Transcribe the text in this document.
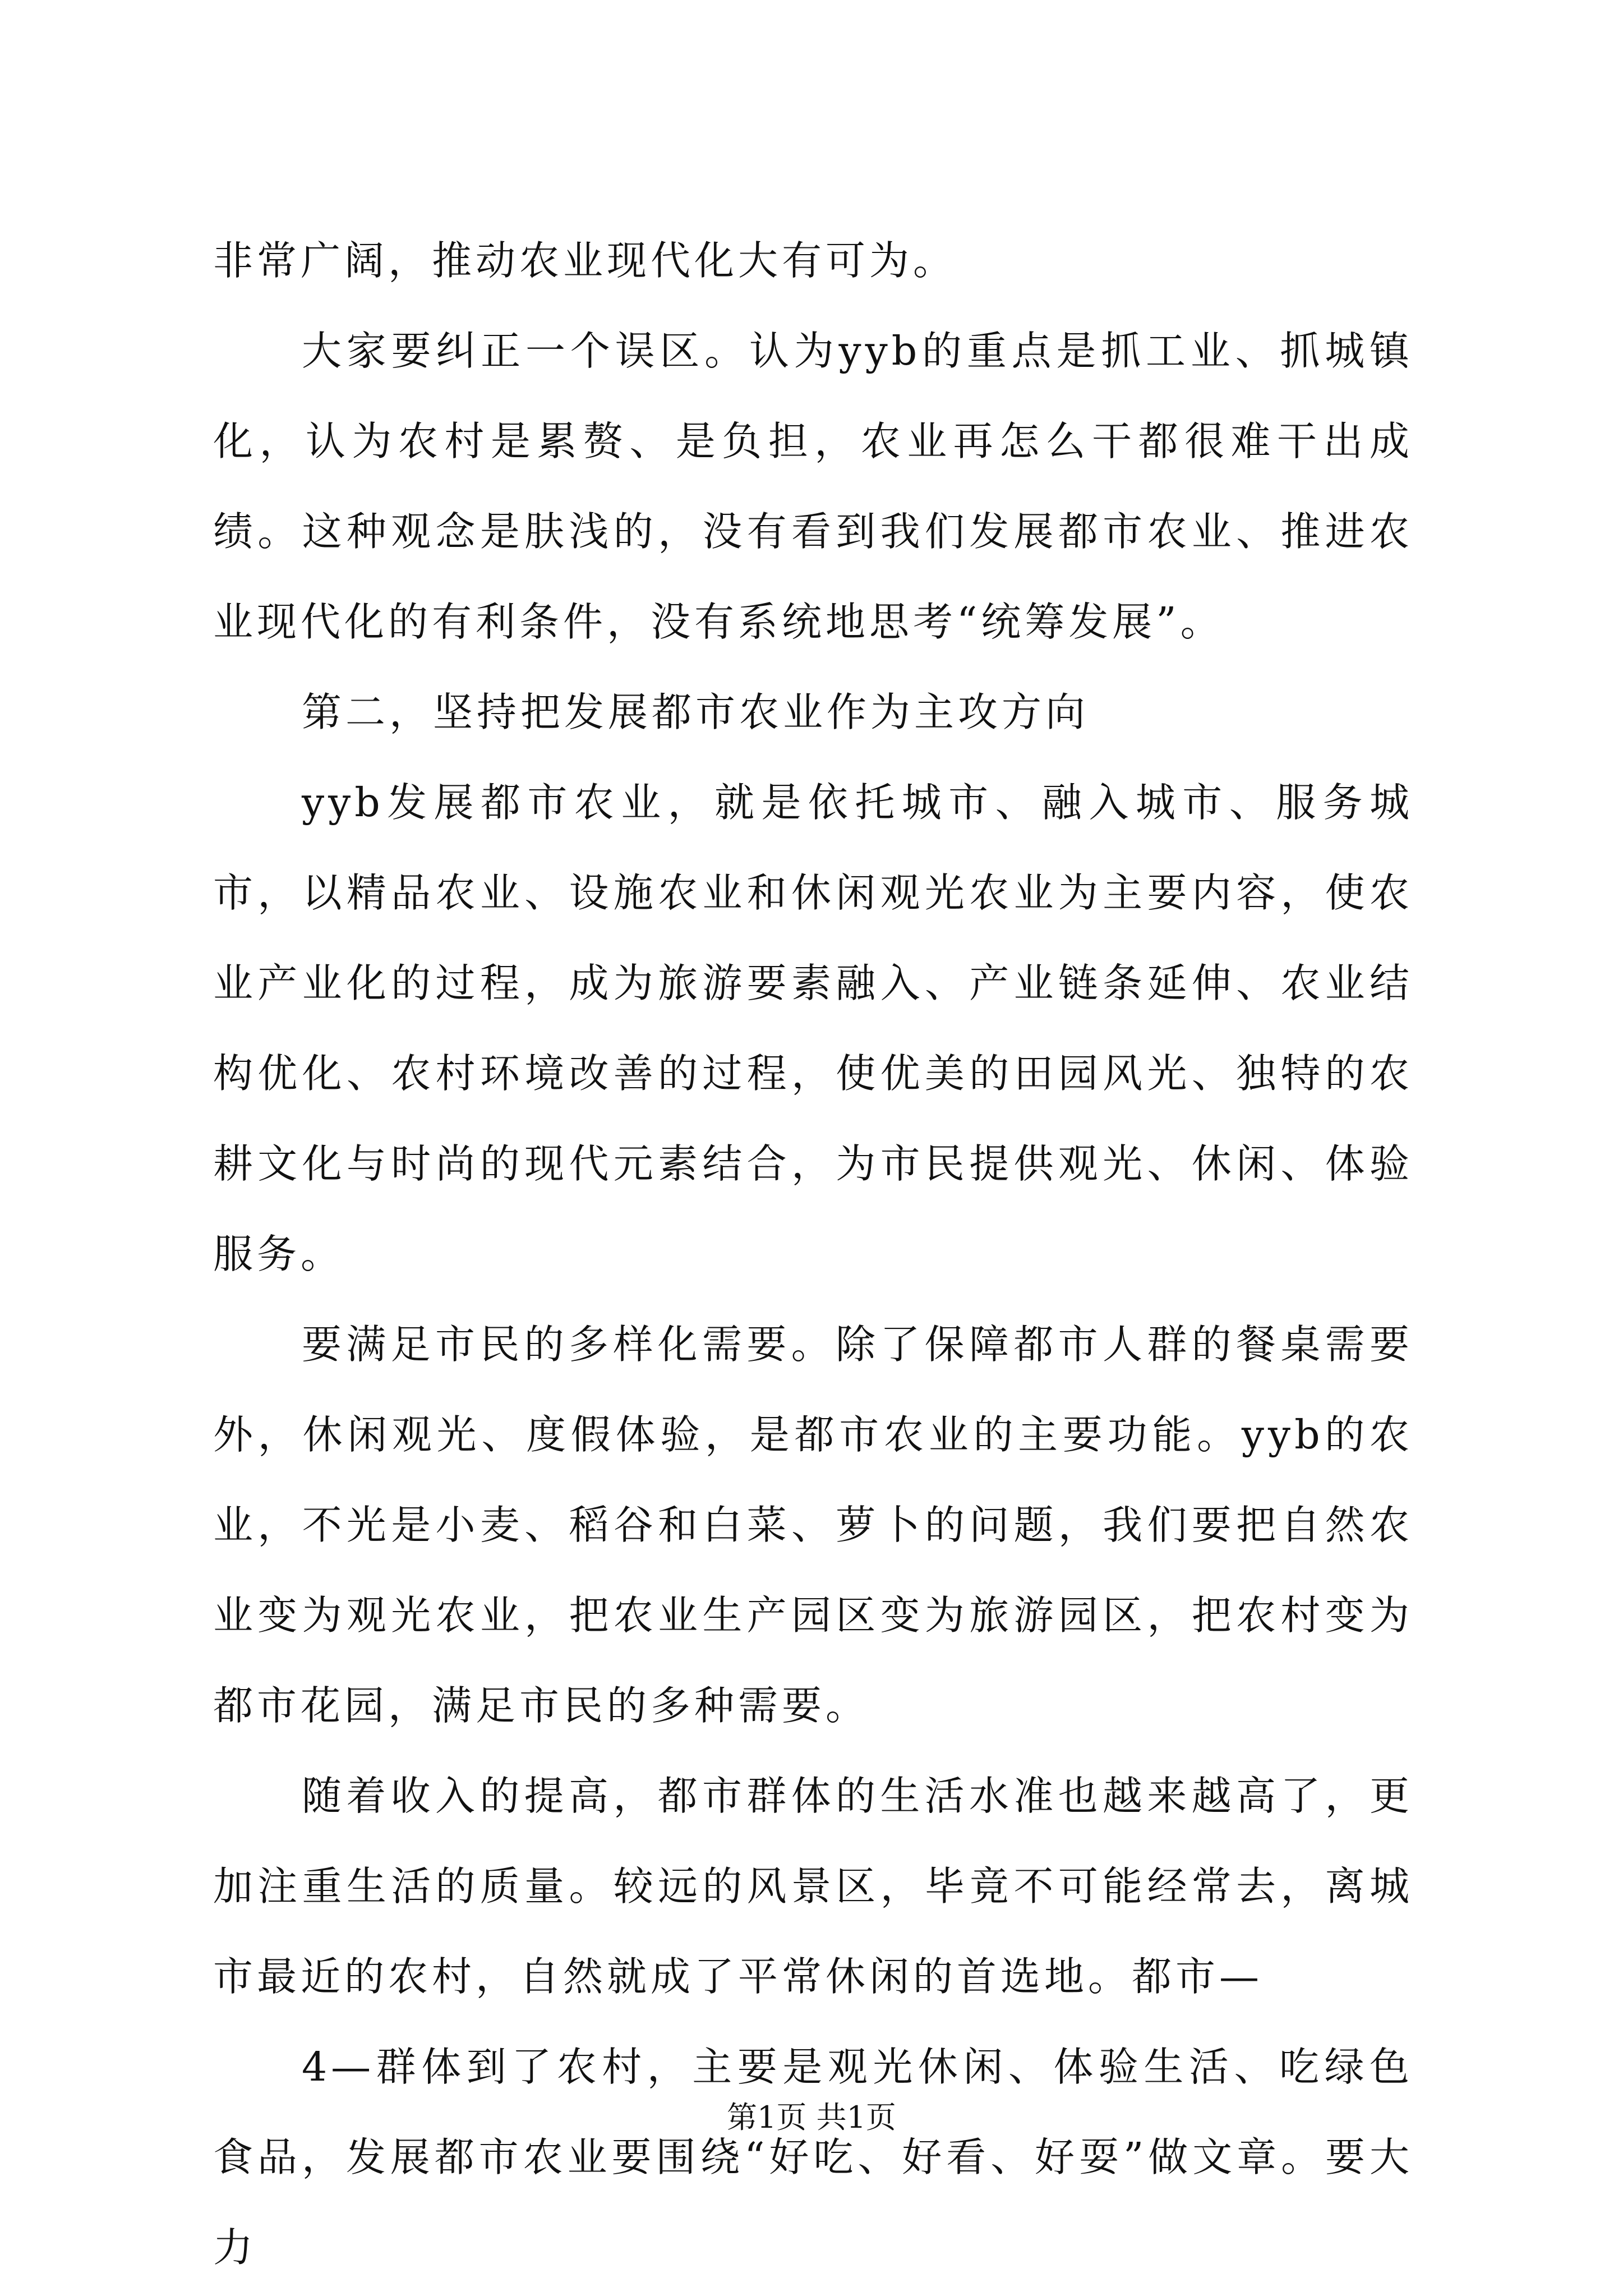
非常广阔，推动农业现代化大有可为。

大家要纠正一个误区。认为yyb的重点是抓工业、抓城镇化，认为农村是累赘、是负担，农业再怎么干都很难干出成绩。这种观念是肤浅的，没有看到我们发展都市农业、推进农业现代化的有利条件，没有系统地思考“统筹发展”。

第二，坚持把发展都市农业作为主攻方向

yyb发展都市农业，就是依托城市、融入城市、服务城市，以精品农业、设施农业和休闲观光农业为主要内容，使农业产业化的过程，成为旅游要素融入、产业链条延伸、农业结构优化、农村环境改善的过程，使优美的田园风光、独特的农耕文化与时尚的现代元素结合，为市民提供观光、休闲、体验服务。

要满足市民的多样化需要。除了保障都市人群的餐桌需要外，休闲观光、度假体验，是都市农业的主要功能。yyb的农业，不光是小麦、稻谷和白菜、萝卜的问题，我们要把自然农业变为观光农业，把农业生产园区变为旅游园区，把农村变为都市花园，满足市民的多种需要。

随着收入的提高，都市群体的生活水准也越来越高了，更加注重生活的质量。较远的风景区，毕竟不可能经常去，离城市最近的农村，自然就成了平常休闲的首选地。都市—

4—群体到了农村，主要是观光休闲、体验生活、吃绿色食品，发展都市农业要围绕“好吃、好看、好耍”做文章。要大力

第1页 共1页
